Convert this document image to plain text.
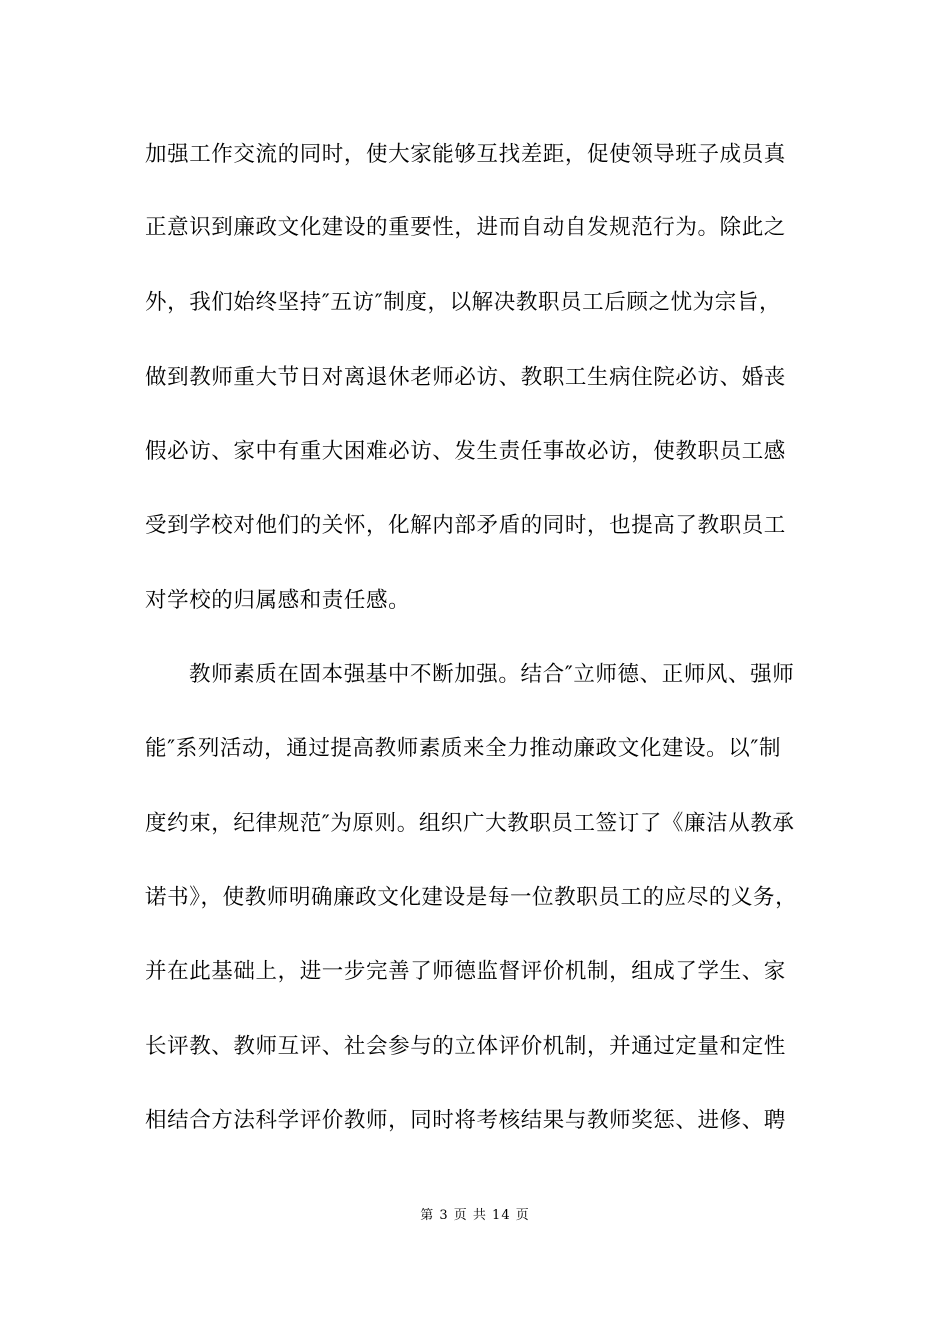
加强工作交流的同时，使大家能够互找差距，促使领导班子成员真
正意识到廉政文化建设的重要性，进而自动自发规范行为。除此之
外，我们始终坚持″五访″制度，以解决教职员工后顾之忧为宗旨，
做到教师重大节日对离退休老师必访、教职工生病住院必访、婚丧
假必访、家中有重大困难必访、发生责任事故必访，使教职员工感
受到学校对他们的关怀，化解内部矛盾的同时，也提高了教职员工
对学校的归属感和责任感。
教师素质在固本强基中不断加强。结合″立师德、正师风、强师
能″系列活动，通过提高教师素质来全力推动廉政文化建设。以″制
度约束，纪律规范″为原则。组织广大教职员工签订了《廉洁从教承
诺书》，使教师明确廉政文化建设是每一位教职员工的应尽的义务，
并在此基础上，进一步完善了师德监督评价机制，组成了学生、家
长评教、教师互评、社会参与的立体评价机制，并通过定量和定性
相结合方法科学评价教师，同时将考核结果与教师奖惩、进修、聘
第 3 页 共 14 页
